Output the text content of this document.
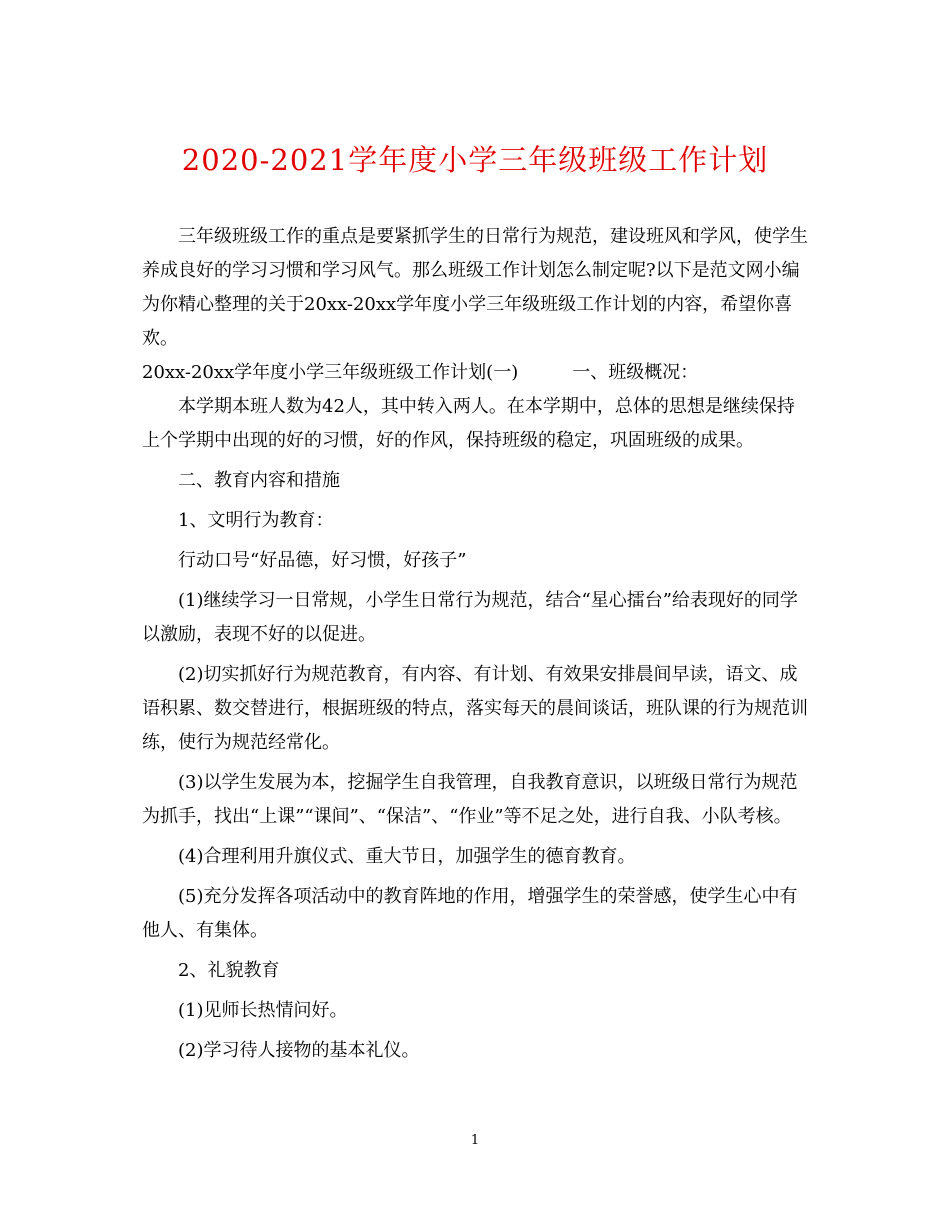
2020-2021学年度小学三年级班级工作计划

三年级班级工作的重点是要紧抓学生的日常行为规范，建设班风和学风，使学生养成良好的学习习惯和学习风气。那么班级工作计划怎么制定呢?以下是范文网小编为你精心整理的关于20xx-20xx学年度小学三年级班级工作计划的内容，希望你喜欢。

20xx-20xx学年度小学三年级班级工作计划(一)　　　一、班级概况：

本学期本班人数为42人，其中转入两人。在本学期中，总体的思想是继续保持上个学期中出现的好的习惯，好的作风，保持班级的稳定，巩固班级的成果。

二、教育内容和措施

1、文明行为教育：

行动口号“好品德，好习惯，好孩子”

(1)继续学习一日常规，小学生日常行为规范，结合“星心擂台”给表现好的同学以激励，表现不好的以促进。

(2)切实抓好行为规范教育，有内容、有计划、有效果安排晨间早读，语文、成语积累、数交替进行，根据班级的特点，落实每天的晨间谈话，班队课的行为规范训练，使行为规范经常化。

(3)以学生发展为本，挖掘学生自我管理，自我教育意识，以班级日常行为规范为抓手，找出“上课”“课间”、“保洁”、“作业”等不足之处，进行自我、小队考核。

(4)合理利用升旗仪式、重大节日，加强学生的德育教育。

(5)充分发挥各项活动中的教育阵地的作用，增强学生的荣誉感，使学生心中有他人、有集体。

2、礼貌教育

(1)见师长热情问好。

(2)学习待人接物的基本礼仪。

1
